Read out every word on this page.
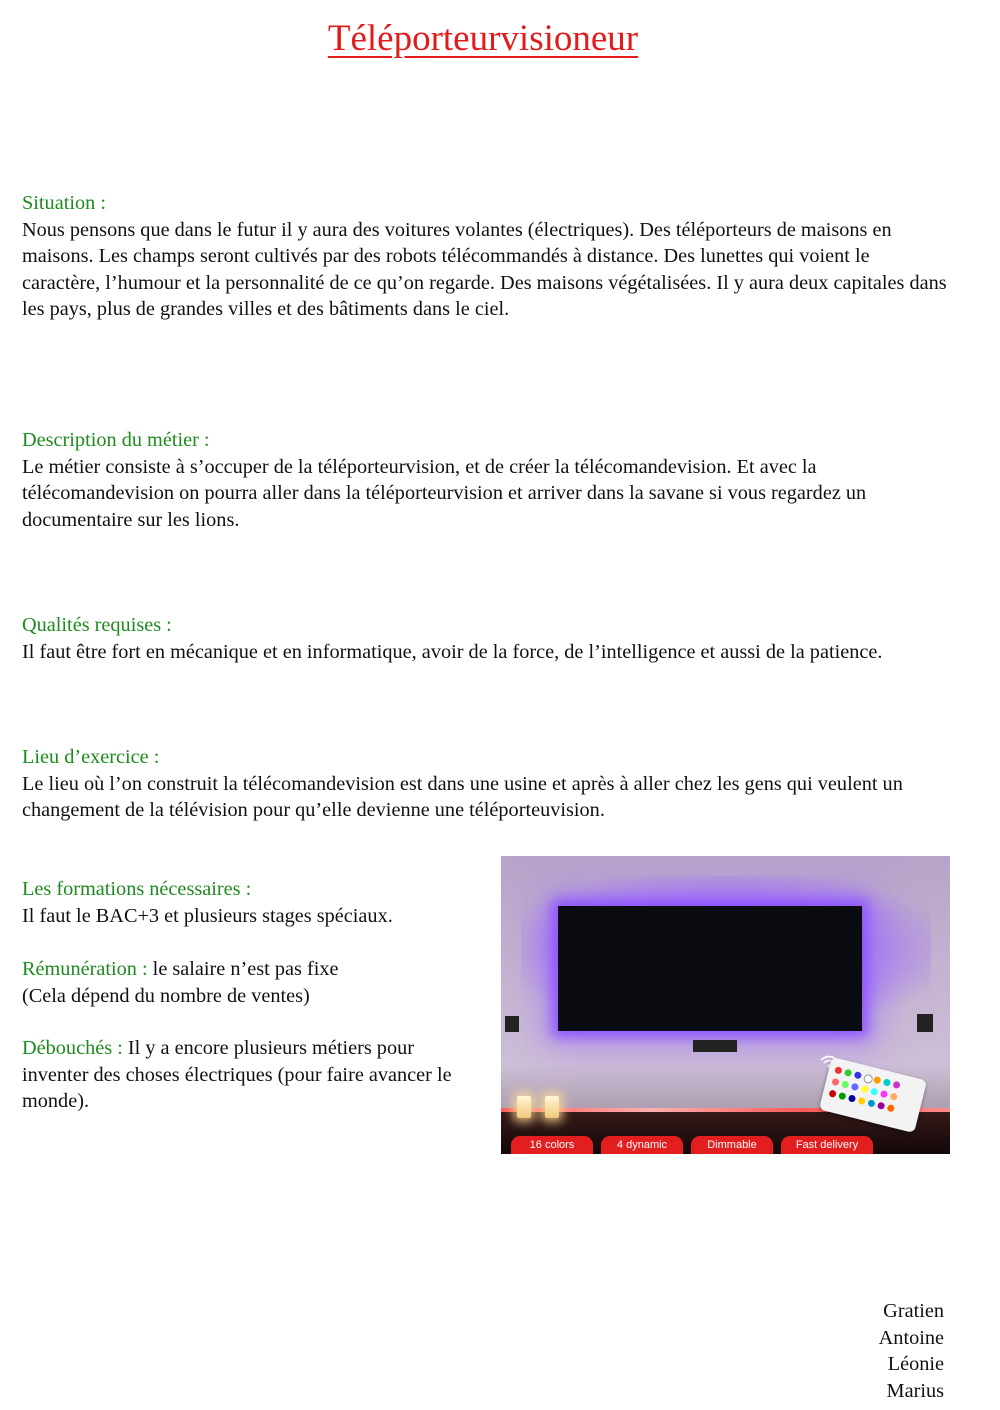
Téléporteurvisioneur
Situation :
Nous pensons que dans le futur il y aura des voitures volantes (électriques). Des téléporteurs de maisons en maisons. Les champs seront cultivés par des robots télécommandés à distance. Des lunettes qui voient le caractère, l’humour et la personnalité de ce qu’on regarde. Des maisons végétalisées. Il y aura deux capitales dans les pays, plus de grandes villes et des bâtiments dans le ciel.
Description du métier :
Le métier consiste à s’occuper de la téléporteurvision, et de créer la télécomandevision. Et avec la télécomandevision on pourra aller dans la téléporteurvision et arriver dans la savane si vous regardez un documentaire sur les lions.
Qualités requises :
Il faut être fort en mécanique et en informatique, avoir de la force, de l’intelligence et aussi de la patience.
Lieu d’exercice :
Le lieu où l’on construit la télécomandevision est dans une usine et après à aller chez les gens qui veulent un changement de la télévision pour qu’elle devienne une téléporteuvision.
Les formations nécessaires :
Il faut le BAC+3 et plusieurs stages spéciaux.
Rémunération : le salaire n’est pas fixe
(Cela dépend du nombre de ventes)
Débouchés : Il y a encore plusieurs métiers pour inventer des choses électriques (pour faire avancer le monde).
16 colors	4 dynamic	Dimmable	Fast delivery
Gratien
Antoine
Léonie
Marius
